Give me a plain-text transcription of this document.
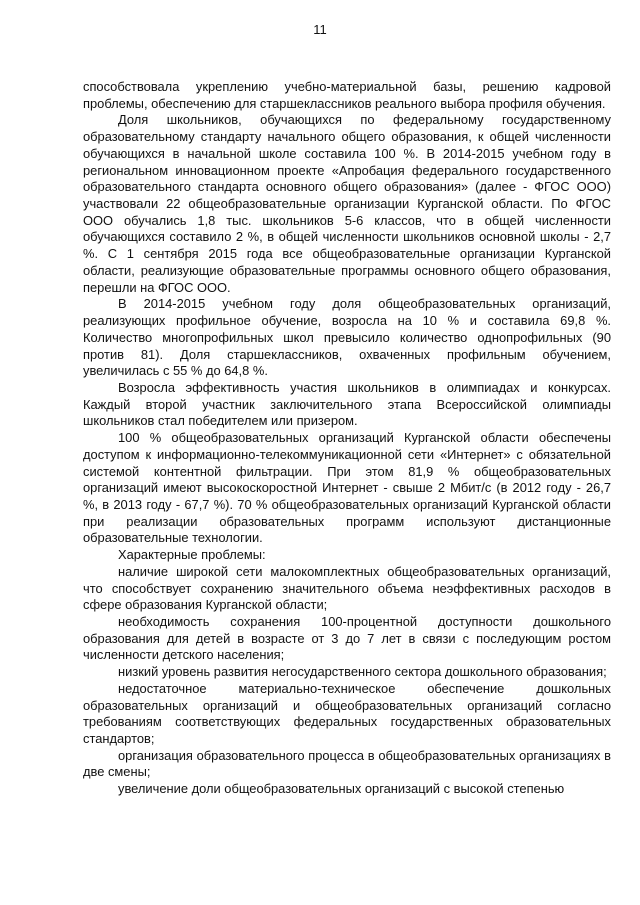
11

способствовала укреплению учебно-материальной базы, решению кадровой проблемы, обеспечению для старшеклассников реального выбора профиля обучения.

Доля школьников, обучающихся по федеральному государственному образовательному стандарту начального общего образования, к общей численности обучающихся в начальной школе составила 100 %. В 2014-2015 учебном году в региональном инновационном проекте «Апробация федерального государственного образовательного стандарта основного общего образования» (далее - ФГОС ООО) участвовали 22 общеобразовательные организации Курганской области. По ФГОС ООО обучались 1,8 тыс. школьников 5-6 классов, что в общей численности обучающихся составило 2 %, в общей численности школьников основной школы - 2,7 %. С 1 сентября 2015 года все общеобразовательные организации Курганской области, реализующие образовательные программы основного общего образования, перешли на ФГОС ООО.

В 2014-2015 учебном году доля общеобразовательных организаций, реализующих профильное обучение, возросла на 10 % и составила 69,8 %. Количество многопрофильных школ превысило количество однопрофильных (90 против 81). Доля старшеклассников, охваченных профильным обучением, увеличилась с 55 % до 64,8 %.

Возросла эффективность участия школьников в олимпиадах и конкурсах. Каждый второй участник заключительного этапа Всероссийской олимпиады школьников стал победителем или призером.

100 % общеобразовательных организаций Курганской области обеспечены доступом к информационно-телекоммуникационной сети «Интернет» с обязательной системой контентной фильтрации. При этом 81,9 % общеобразовательных организаций имеют высокоскоростной Интернет - свыше 2 Мбит/с (в 2012 году - 26,7 %, в 2013 году - 67,7 %). 70 % общеобразовательных организаций Курганской области при реализации образовательных программ используют дистанционные образовательные технологии.

Характерные проблемы:

наличие широкой сети малокомплектных общеобразовательных организаций, что способствует сохранению значительного объема неэффективных расходов в сфере образования Курганской области;

необходимость сохранения 100-процентной доступности дошкольного образования для детей в возрасте от 3 до 7 лет в связи с последующим ростом численности детского населения;

низкий уровень развития негосударственного сектора дошкольного образования;

недостаточное материально-техническое обеспечение дошкольных образовательных организаций и общеобразовательных организаций согласно требованиям соответствующих федеральных государственных образовательных стандартов;

организация образовательного процесса в общеобразовательных организациях в две смены;

увеличение доли общеобразовательных организаций с высокой степенью
